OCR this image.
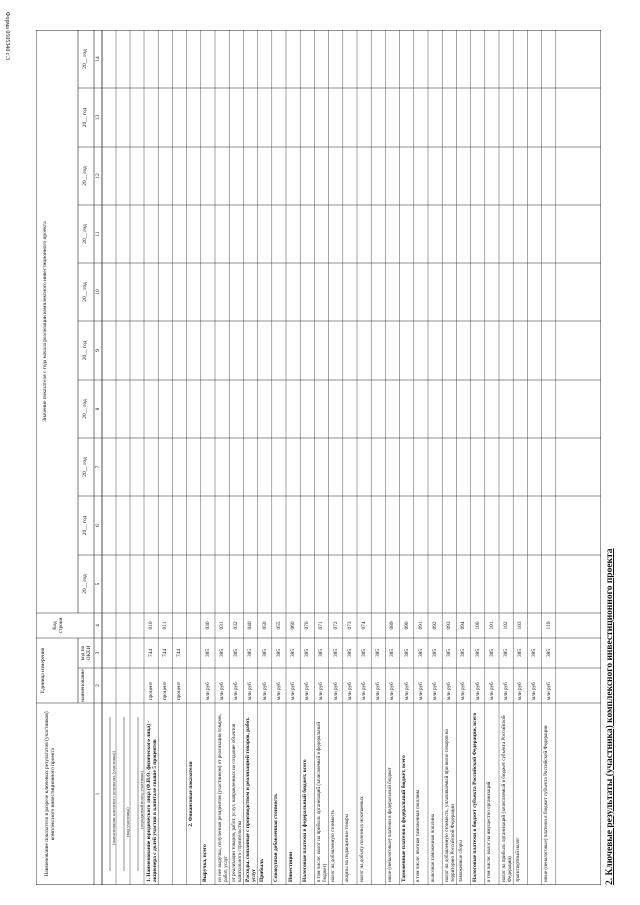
Форма 0505340 с.3
2. Ключевые результаты (участника) комплексного инвестиционного проекта
Наименование показателя в разрезе ключевых результатов (участников) комплексного инвестиционного проекта
Единица измерения	наименование
код по ОКЕИ
Код строки
Значение показателя с года начала реализации комплексного инвестиционного проекта
20__ год
20__ год
20__ год
20__ год
20__ год
20__ год
20__ год
20__ год
20__ год
20__ год
1
2
3
4
5
6
7
8
9
10
11
12
13
14
(наименование ключевого результата (участника)) (вид участника) (порядковый номер участника) 1. Наименование юридического лица (Ф.И.О. физического лица) - акционера с долей участия в капитале свыше 5 процентов
процент
744
010
процент
744
011
процент
744
2. Финансовые показатели
Выручка, всего
млн руб
385
030
из нее выручка, полученная резидентом (участником) от реализации товаров, работ, услуг
млн руб
385
031
от реализации товаров, работ, услуг, направленных на создание объектов капитального строительства
млн руб
385
032
Расходы, связанные с производством и реализацией товаров, работ, услуг
млн руб
385
040
Прибыль
млн руб
385
050
Совокупная добавленная стоимость
млн руб
385
055
Инвестиции
млн руб
385
060
Налоговые платежи в федеральный бюджет, всего
млн руб
385
070
в том числе: налог на прибыль организаций (зачисляемый в федеральный бюджет)
млн руб
385
071
налог на добавленную стоимость
млн руб
385
072
акцизы на подакцизные товары
млн руб
385
073
налог на добычу полезных ископаемых
млн руб
385
074
млн руб
385
иные (неналоговые) платежи в федеральный бюджет
млн руб
385
089
Таможенные платежи в федеральный бюджет, всего
млн руб
385
090
в том числе: ввозная таможенная пошлина
млн руб
385
091
вывозная таможенная пошлина
млн руб
385
092
налог на добавленную стоимость, уплачиваемый при ввозе товаров на территорию Российской Федерации
млн руб
385
093
таможенные сборы
млн руб
385
094
Налоговые платежи в бюджет субъекта Российской Федерации, всего
млн руб
385
100
в том числе: налог на имущество организаций
млн руб
385
101
налог на прибыль организаций (зачисляемый в бюджет субъекта Российской Федерации)
млн руб
385
102
транспортный налог
млн руб
385
103
млн руб
385
иные (неналоговые) платежи в бюджет субъекта Российской Федерации
млн руб
385
119
